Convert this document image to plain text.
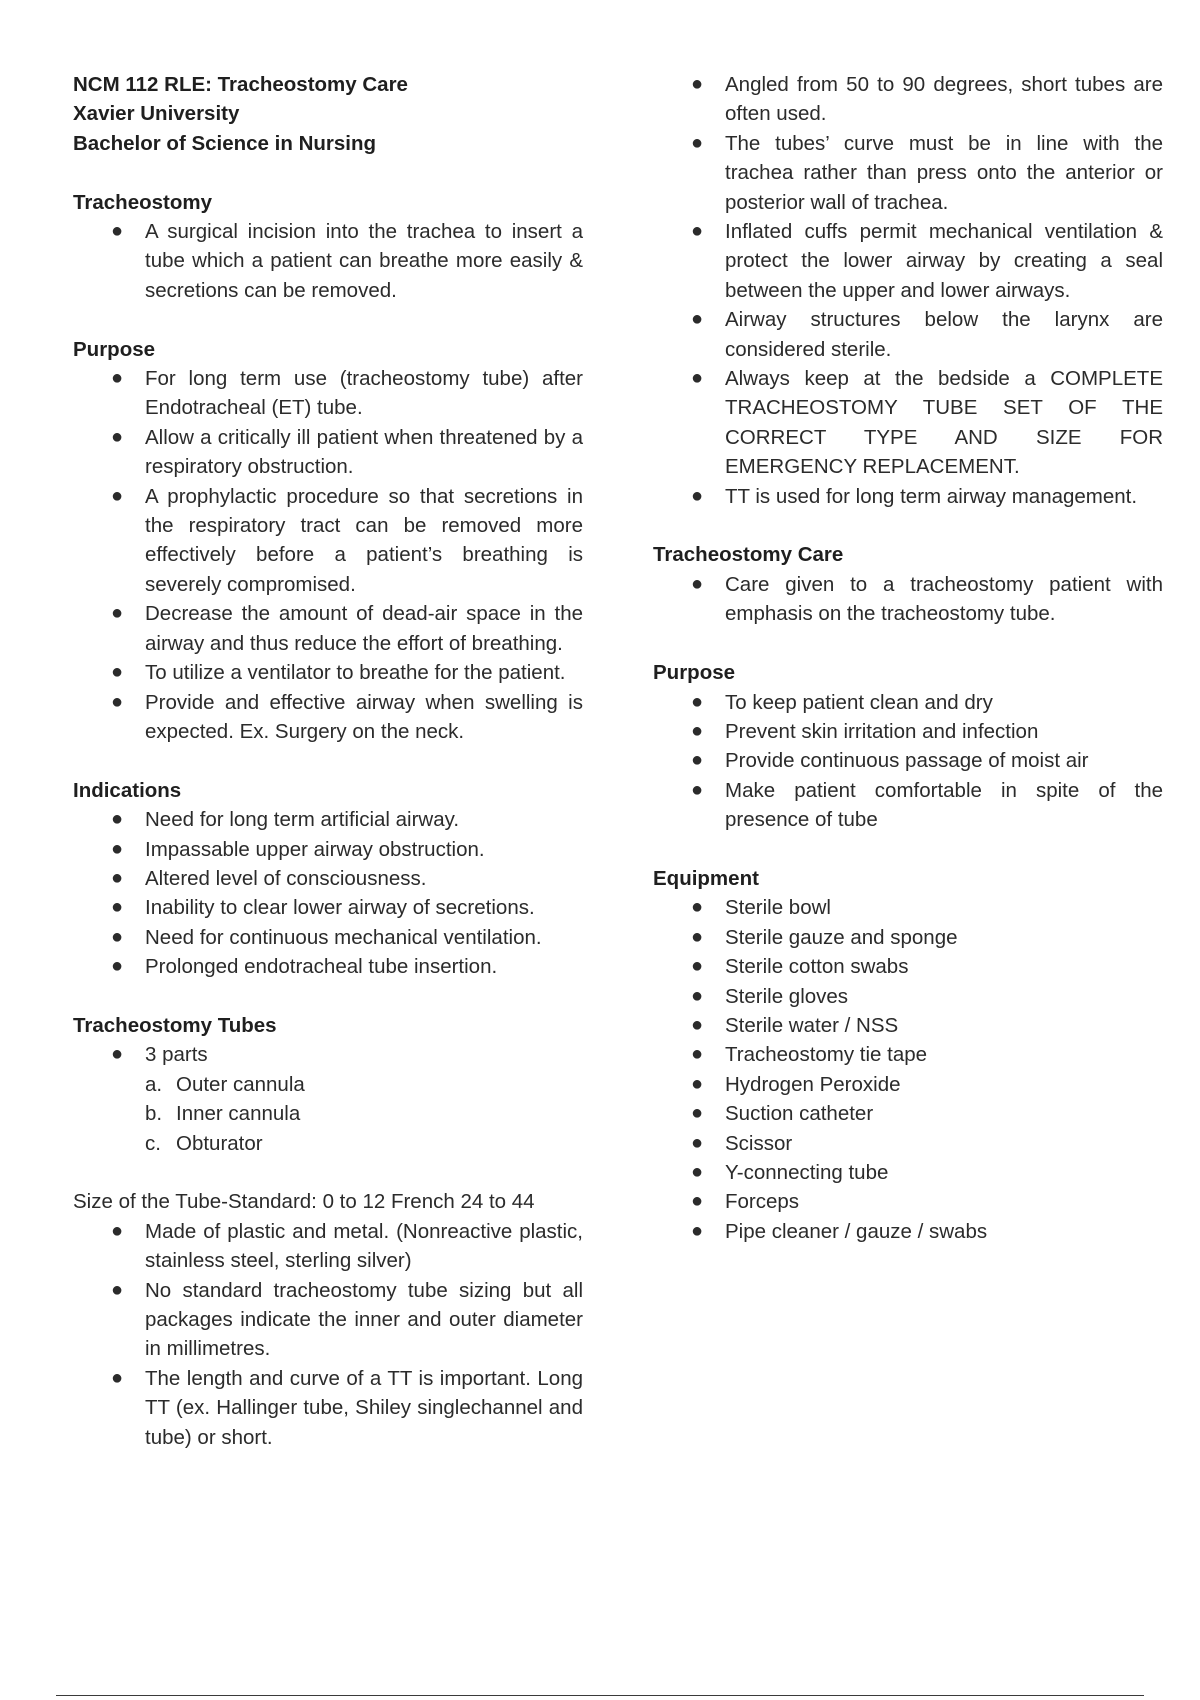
NCM 112 RLE: Tracheostomy Care
Xavier University
Bachelor of Science in Nursing
Tracheostomy
● A surgical incision into the trachea to insert a tube which a patient can breathe more easily & secretions can be removed.
Purpose
● For long term use (tracheostomy tube) after Endotracheal (ET) tube.
● Allow a critically ill patient when threatened by a respiratory obstruction.
● A prophylactic procedure so that secretions in the respiratory tract can be removed more effectively before a patient’s breathing is severely compromised.
● Decrease the amount of dead-air space in the airway and thus reduce the effort of breathing.
● To utilize a ventilator to breathe for the patient.
● Provide and effective airway when swelling is expected. Ex. Surgery on the neck.
Indications
● Need for long term artificial airway.
● Impassable upper airway obstruction.
● Altered level of consciousness.
● Inability to clear lower airway of secretions.
● Need for continuous mechanical ventilation.
● Prolonged endotracheal tube insertion.
Tracheostomy Tubes
● 3 parts
a. Outer cannula
b. Inner cannula
c. Obturator
Size of the Tube-Standard: 0 to 12 French 24 to 44
● Made of plastic and metal. (Nonreactive plastic, stainless steel, sterling silver)
● No standard tracheostomy tube sizing but all packages indicate the inner and outer diameter in millimetres.
● The length and curve of a TT is important. Long TT (ex. Hallinger tube, Shiley singlechannel and tube) or short.
● Angled from 50 to 90 degrees, short tubes are often used.
● The tubes’ curve must be in line with the trachea rather than press onto the anterior or posterior wall of trachea.
● Inflated cuffs permit mechanical ventilation & protect the lower airway by creating a seal between the upper and lower airways.
● Airway structures below the larynx are considered sterile.
● Always keep at the bedside a COMPLETE TRACHEOSTOMY TUBE SET OF THE CORRECT TYPE AND SIZE FOR EMERGENCY REPLACEMENT.
● TT is used for long term airway management.
Tracheostomy Care
● Care given to a tracheostomy patient with emphasis on the tracheostomy tube.
Purpose
● To keep patient clean and dry
● Prevent skin irritation and infection
● Provide continuous passage of moist air
● Make patient comfortable in spite of the presence of tube
Equipment
● Sterile bowl
● Sterile gauze and sponge
● Sterile cotton swabs
● Sterile gloves
● Sterile water / NSS
● Tracheostomy tie tape
● Hydrogen Peroxide
● Suction catheter
● Scissor
● Y-connecting tube
● Forceps
● Pipe cleaner / gauze / swabs
